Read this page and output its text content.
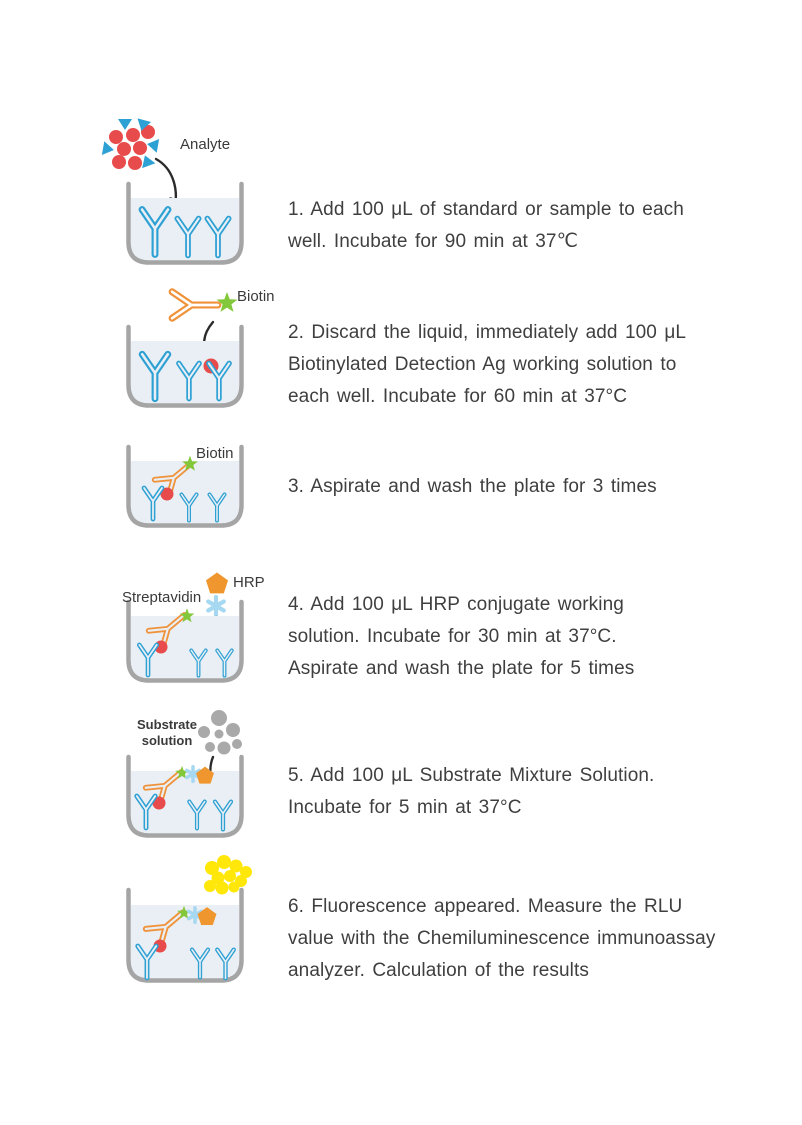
Analyte
1. Add 100 μL of standard or sample to each
well. Incubate for 90 min at 37℃
Biotin
2. Discard the liquid, immediately add 100 μL
Biotinylated Detection Ag working solution to
each well. Incubate for 60 min at 37°C
Biotin
3. Aspirate and wash the plate for 3 times
Streptavidin
HRP
4. Add 100 μL HRP conjugate working
solution. Incubate for 30 min at 37°C.
Aspirate and wash the plate for 5 times
Substrate
solution
5. Add 100 μL Substrate Mixture Solution.
Incubate for 5 min at 37°C
6. Fluorescence appeared. Measure the RLU
value with the Chemiluminescence immunoassay
analyzer. Calculation of the results
